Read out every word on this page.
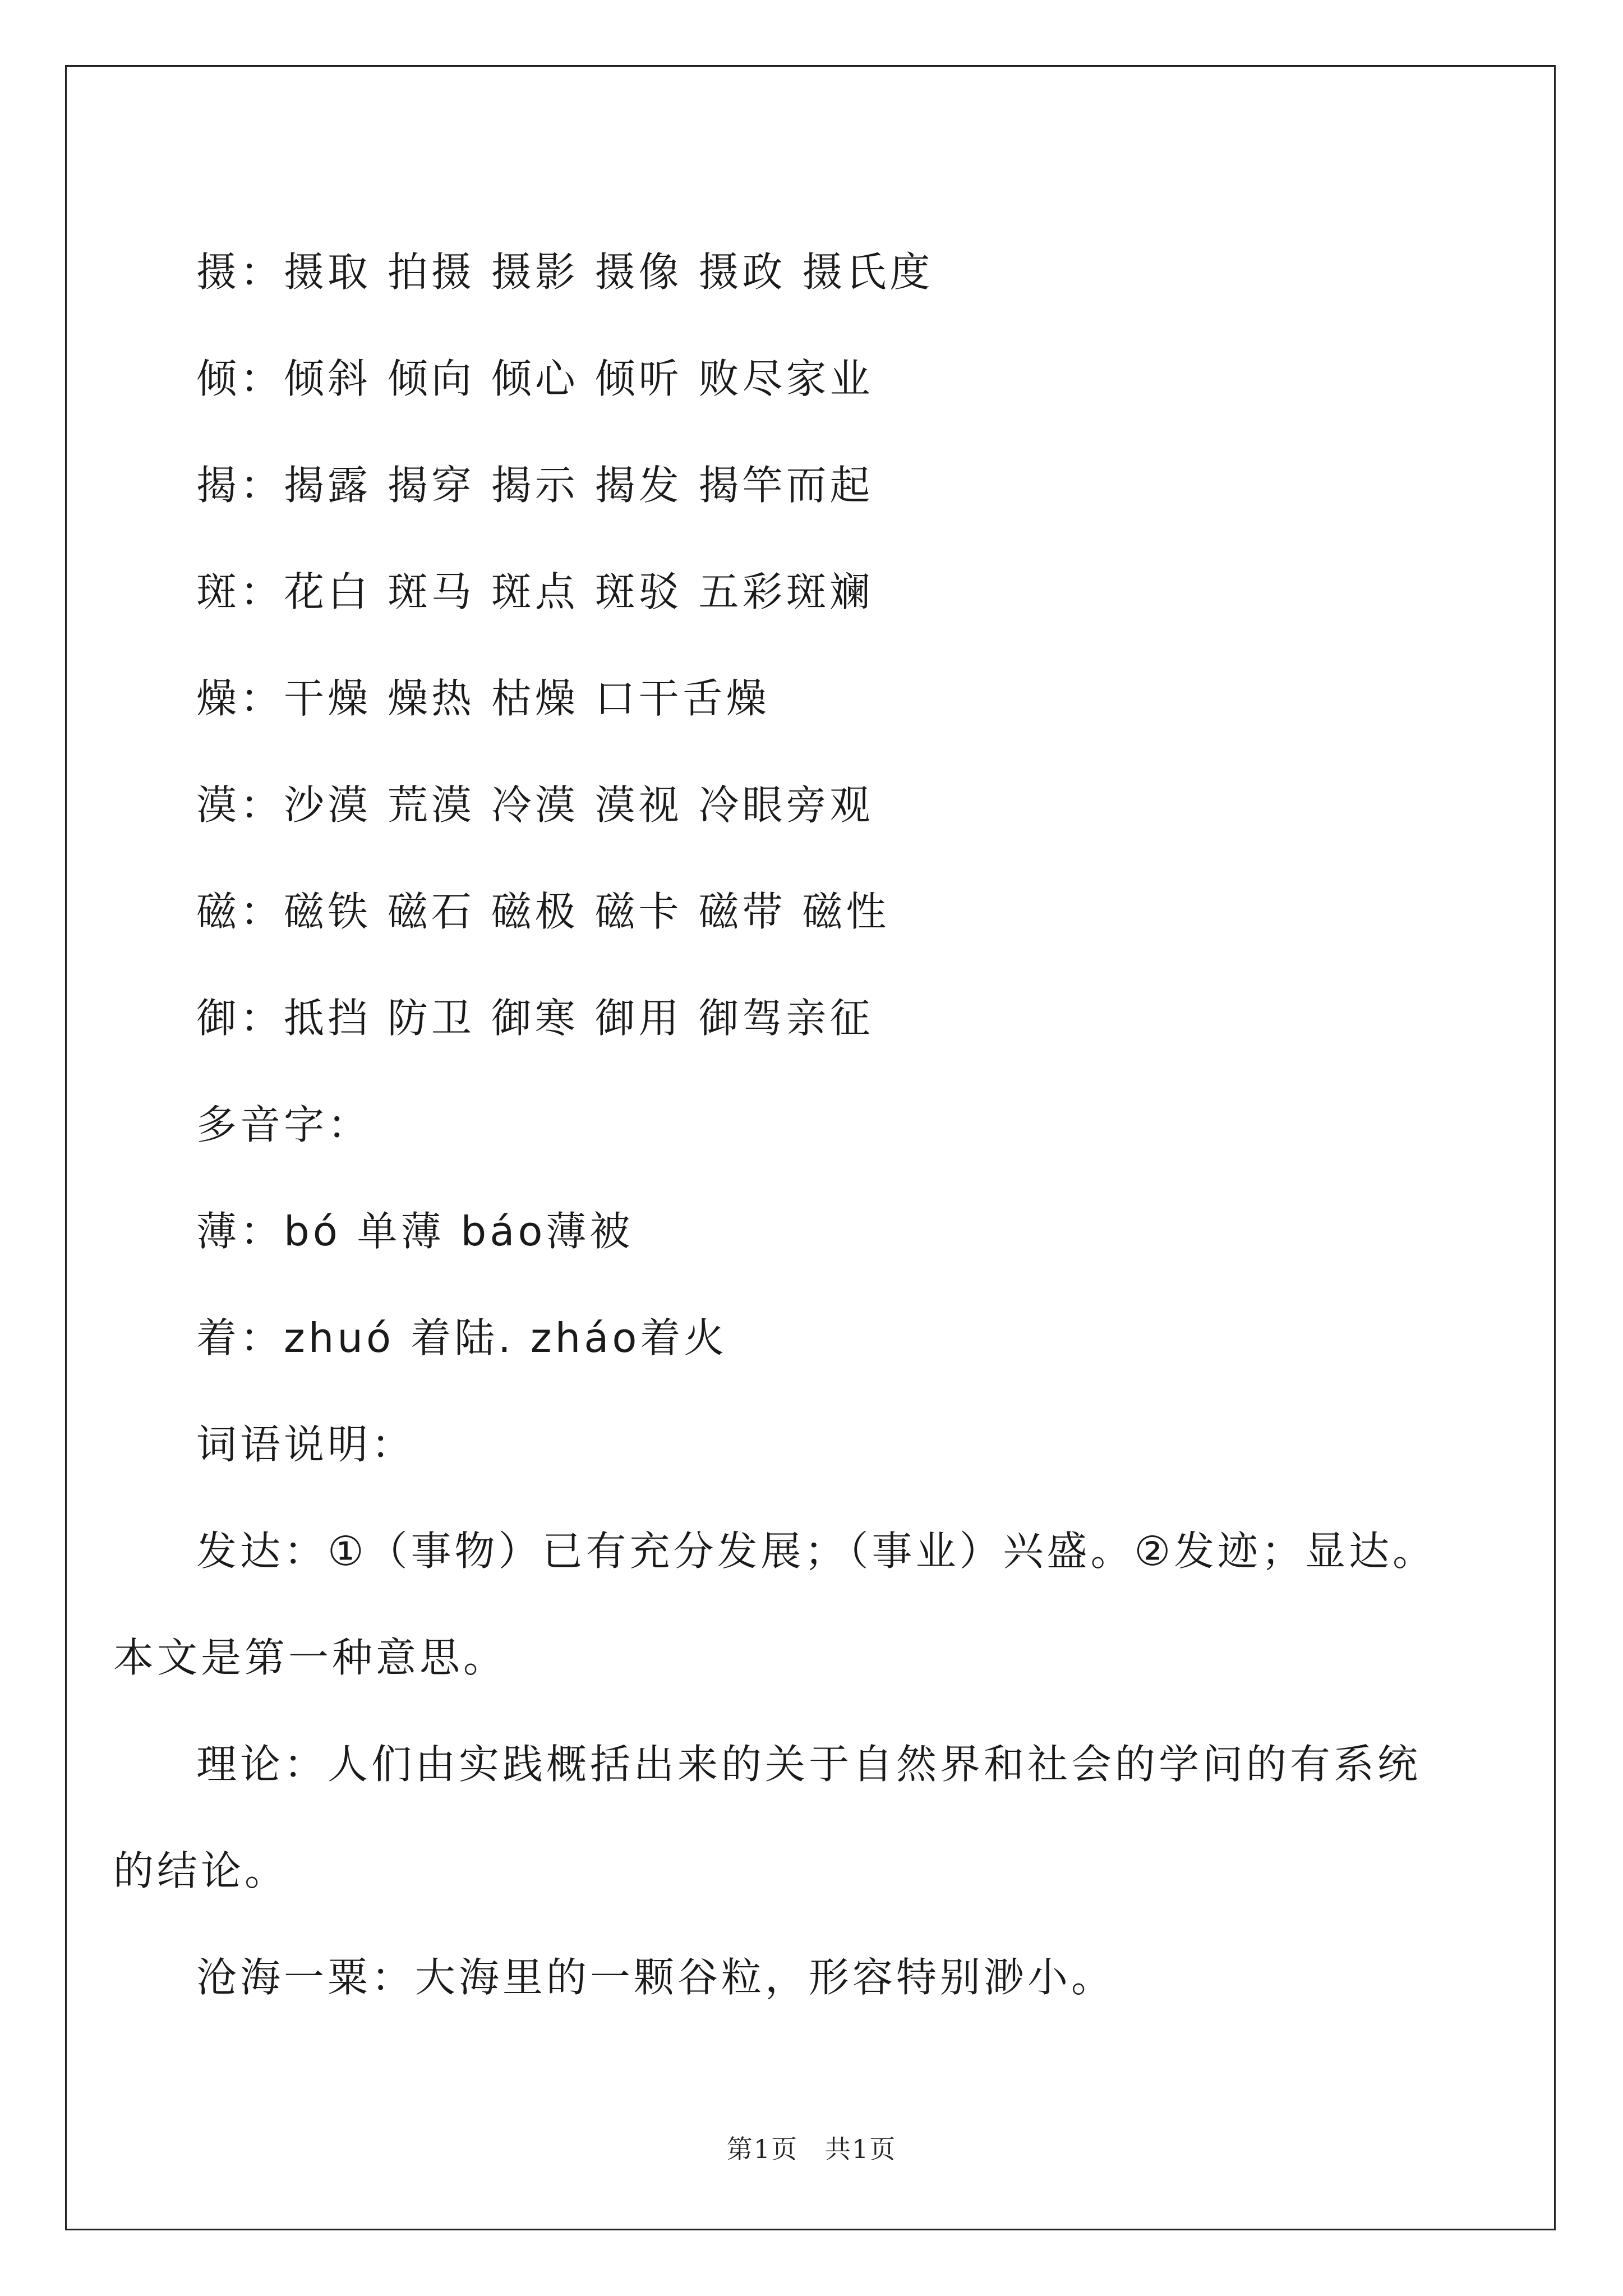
摄：摄取 拍摄 摄影 摄像 摄政 摄氏度
倾：倾斜 倾向 倾心 倾听 败尽家业
揭：揭露 揭穿 揭示 揭发 揭竿而起
斑：花白 斑马 斑点 斑驳 五彩斑斓
燥：干燥 燥热 枯燥 口干舌燥
漠：沙漠 荒漠 冷漠 漠视 冷眼旁观
磁：磁铁 磁石 磁极 磁卡 磁带 磁性
御：抵挡 防卫 御寒 御用 御驾亲征
多音字：
薄：bó 单薄 báo薄被
着：zhuó 着陆. zháo着火
词语说明：
发达：①（事物）已有充分发展；（事业）兴盛。②发迹；显达。
本文是第一种意思。
理论：人们由实践概括出来的关于自然界和社会的学问的有系统
的结论。
沧海一粟：大海里的一颗谷粒，形容特别渺小。
第1页　共1页
